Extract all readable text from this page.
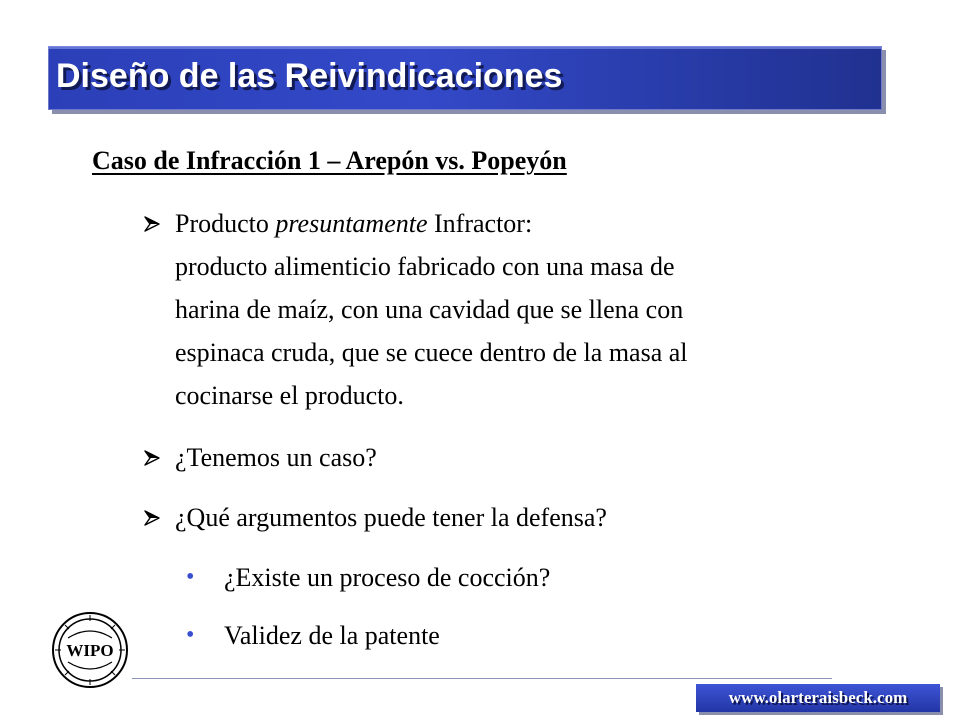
Diseño de las Reivindicaciones
Caso de Infracción 1 – Arepón vs. Popeyón
Producto presuntamente Infractor:
producto alimenticio fabricado con una masa de
harina de maíz, con una cavidad que se llena con
espinaca cruda, que se cuece dentro de la masa al
cocinarse el producto.
¿Tenemos un caso?
¿Qué argumentos puede tener la defensa?
• ¿Existe un proceso de cocción?
• Validez de la patente
WIPO
www.olarteraisbeck.com
